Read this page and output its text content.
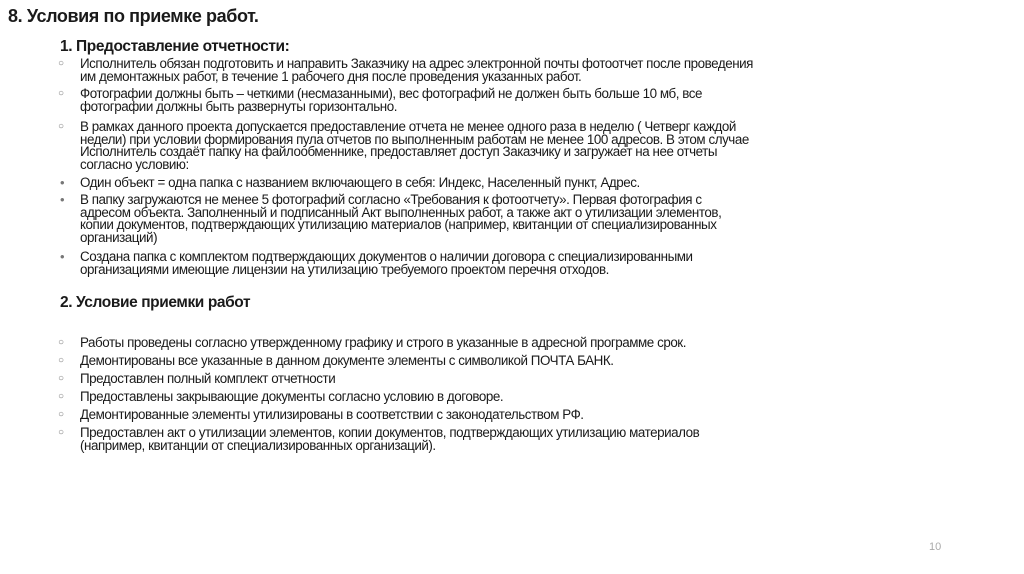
8. Условия по приемке работ.
1. Предоставление отчетности:
○	Исполнитель обязан подготовить и направить Заказчику на адрес электронной почты фотоотчет после проведения
им демонтажных работ, в течение 1 рабочего дня после проведения указанных работ.
○	Фотографии должны быть – четкими (несмазанными), вес фотографий не должен быть больше 10 мб, все
фотографии должны быть развернуты горизонтально.
○	В рамках данного проекта допускается предоставление отчета не менее одного раза в неделю ( Четверг каждой
недели) при условии формирования пула отчетов по выполненным работам не менее 100 адресов. В этом случае
Исполнитель создаёт папку на файлообменнике, предоставляет доступ Заказчику и загружает на нее отчеты
согласно условию:
•	Один объект = одна папка с названием включающего в себя: Индекс, Населенный пункт, Адрес.
•	В папку загружаются не менее 5 фотографий согласно «Требования к фотоотчету». Первая фотография с
адресом объекта. Заполненный и подписанный Акт выполненных работ, а также акт о утилизации элементов,
копии документов, подтверждающих утилизацию материалов (например, квитанции от специализированных
организаций)
•	Создана папка с комплектом подтверждающих документов о наличии договора с специализированными
организациями имеющие лицензии на утилизацию требуемого проектом перечня отходов.
2. Условие приемки работ
○	Работы проведены согласно утвержденному графику и строго в указанные в адресной программе срок.
○	Демонтированы все указанные в данном документе элементы с символикой ПОЧТА БАНК.
○	Предоставлен полный комплект отчетности
○	Предоставлены закрывающие документы согласно условию в договоре.
○	Демонтированные элементы утилизированы в соответствии с законодательством РФ.
○	Предоставлен акт о утилизации элементов, копии документов, подтверждающих утилизацию материалов
(например, квитанции от специализированных организаций).
10
